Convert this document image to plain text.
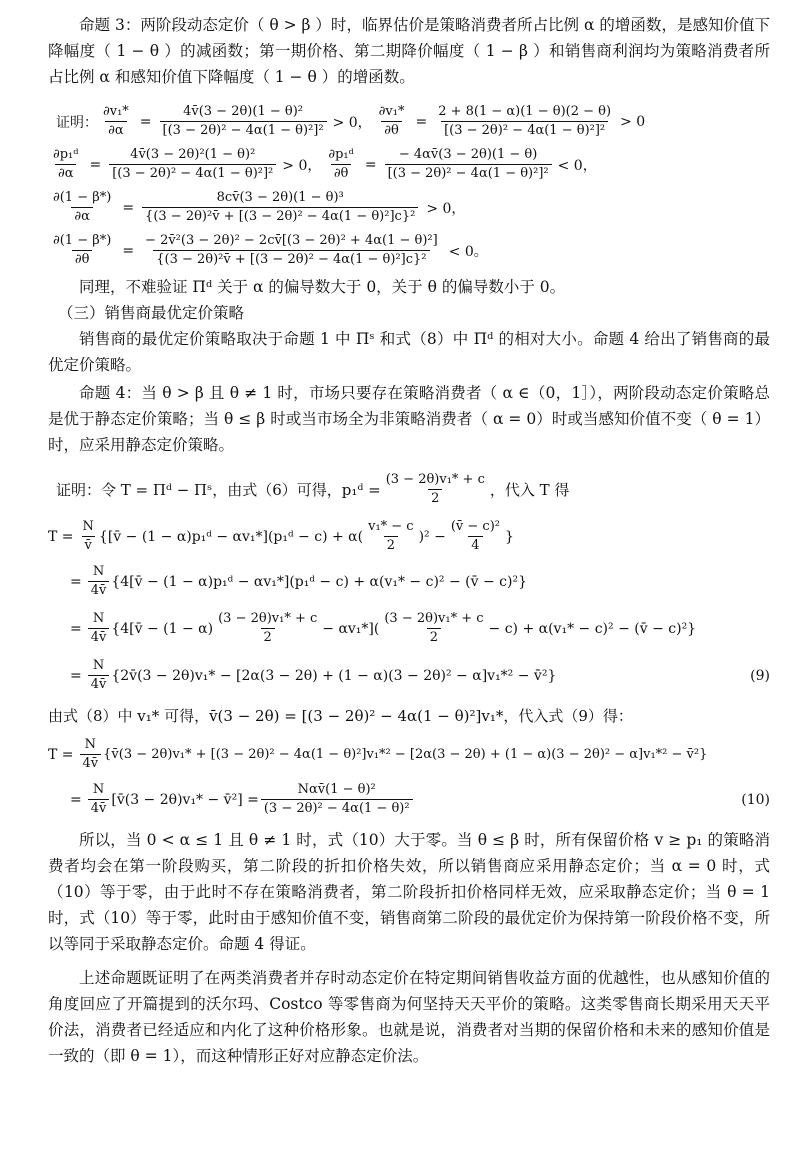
命题 3：两阶段动态定价（ θ > β ）时，临界估价是策略消费者所占比例 α 的增函数，是感知价值下降幅度（ 1 − θ ）的减函数；第一期价格、第二期降价幅度（ 1 − β ）和销售商利润均为策略消费者所占比例 α 和感知价值下降幅度（ 1 − θ ）的增函数。

证明： $\frac{\text{∂v₁*}}{\partial\alpha} = \frac{\text{4v̄(3 − 2θ)(1 − θ)²}}{\text{[(3 − 2θ)² − 4α(1 − θ)²]²}} > 0$， $\frac{\text{∂v₁*}}{\partial\theta} = \frac{2 + 8(1 - \alpha)(1 - \theta)(2 - \theta)}{\text{[(3 − 2θ)² − 4α(1 − θ)²]²}} > 0$
$\frac{\text{∂p₁ᵈ}}{\partial\alpha} = \frac{\text{4v̄(3 − 2θ)²(1 − θ)²}}{\text{[(3 − 2θ)² − 4α(1 − θ)²]²}} > 0$， $\frac{\text{∂p₁ᵈ}}{\partial\theta} = \frac{- 4\alpha v̄(3 - 2\theta)(1 - \theta)}{\text{[(3 − 2θ)² − 4α(1 − θ)²]²}} < 0$，
$\frac{\partial(1 - \beta*)}{\partial\alpha} = \frac{\text{8cv̄(3 − 2θ)(1 − θ)³}}{\text{\{(3 − 2θ)²v̄ + [(3 − 2θ)² − 4α(1 − θ)²]c\}²}} > 0$，
$\frac{\partial(1 - \beta*)}{\partial\theta} = \frac{\text{− 2v̄²(3 − 2θ)² − 2cv̄[(3 − 2θ)² + 4α(1 − θ)²]}}{\text{\{(3 − 2θ)²v̄ + [(3 − 2θ)² − 4α(1 − θ)²]c\}²}} < 0$。

同理，不难验证 Πᵈ 关于 α 的偏导数大于 0，关于 θ 的偏导数小于 0。

（三）销售商最优定价策略

销售商的最优定价策略取决于命题 1 中 Πˢ 和式（8）中 Πᵈ 的相对大小。命题 4 给出了销售商的最优定价策略。

命题 4：当 θ > β 且 θ ≠ 1 时，市场只要存在策略消费者（ α ∈（0，1］），两阶段动态定价策略总是优于静态定价策略；当 θ ≤ β 时或当市场全为非策略消费者（ α = 0）时或当感知价值不变（ θ = 1）时，应采用静态定价策略。

证明：令 T = Πᵈ − Πˢ，由式（6）可得，p₁ᵈ = $\frac{\text{(3 − 2θ)v₁* + c}}{2}$ ，代入 T 得
$T = \frac{N}{v̄}$ {[v̄ − (1 − α)p₁ᵈ − αv₁*](p₁ᵈ − $c) + \alpha( \frac{\text{v₁* − c}}{2} )^2 - \frac{\text{(v̄ − c)²}}{4}$ }
= $\frac{N}{4v̄}$ {4[v̄ − (1 − α)p₁ᵈ − αv₁*](p₁ᵈ − c) + α(v₁* − c)² − (v̄ − c)²}
= $\frac{N}{4v̄}$ {4[v̄ − $(1 - \alpha) \frac{\text{(3 − 2θ)v₁* + c}}{2} - \alpha v_1*]( \frac{\text{(3 − 2θ)v₁* + c}}{2} - c) + \alpha(v_1* - c)^2$ − (v̄ − c)²}
= $\frac{N}{4v̄}$ {2v̄(3 − 2θ)v₁* − [2α(3 − 2θ) + (1 − α)(3 − 2θ)² − α]v₁*² − v̄²}	(9)

由式（8）中 v₁* 可得，v̄(3 − 2θ) = [(3 − 2θ)² − 4α(1 − θ)²]v₁*，代入式（9）得：

$T = \frac{N}{4v̄}$ {v̄(3 − 2θ)v₁* + [(3 − 2θ)² − 4α(1 − θ)²]v₁*² − [2α(3 − 2θ) + (1 − α)(3 − 2θ)² − α]v₁*² − v̄²}
= $\frac{N}{4v̄}$ [v̄(3 − 2θ)v₁* − v̄²] = $\frac{\text{Nαv̄(1 − θ)²}}{\text{(3 − 2θ)² − 4α(1 − θ)²}}$	(10)

所以，当 0 < α ≤ 1 且 θ ≠ 1 时，式（10）大于零。当 θ ≤ β 时，所有保留价格 v ≥ p₁ 的策略消费者均会在第一阶段购买，第二阶段的折扣价格失效，所以销售商应采用静态定价；当 α = 0 时，式（10）等于零，由于此时不存在策略消费者，第二阶段折扣价格同样无效，应采取静态定价；当 θ = 1 时，式（10）等于零，此时由于感知价值不变，销售商第二阶段的最优定价为保持第一阶段价格不变，所以等同于采取静态定价。命题 4 得证。

上述命题既证明了在两类消费者并存时动态定价在特定期间销售收益方面的优越性，也从感知价值的角度回应了开篇提到的沃尔玛、Costco 等零售商为何坚持天天平价的策略。这类零售商长期采用天天平价法，消费者已经适应和内化了这种价格形象。也就是说，消费者对当期的保留价格和未来的感知价值是一致的（即 θ = 1），而这种情形正好对应静态定价法。
